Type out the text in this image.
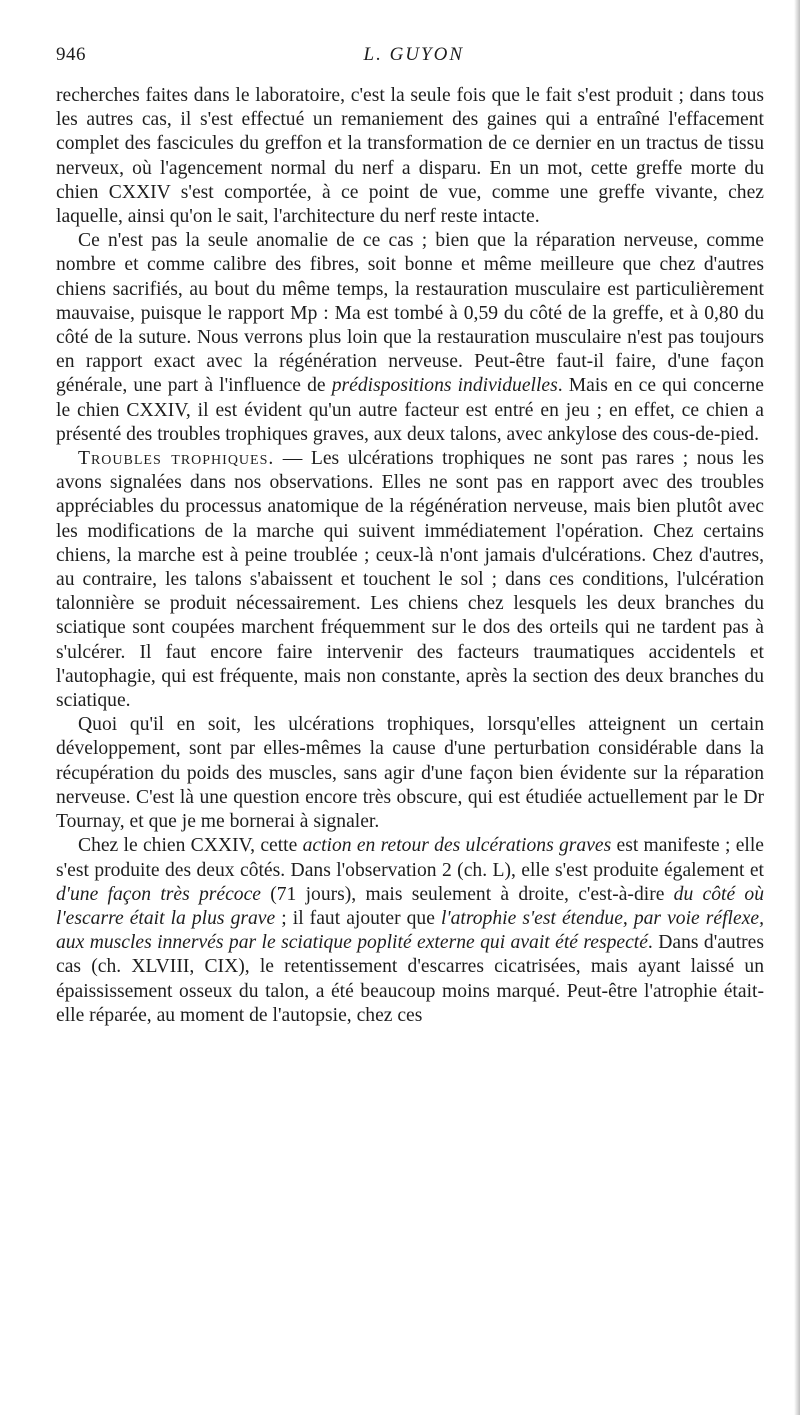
946	L. GUYON

recherches faites dans le laboratoire, c'est la seule fois que le fait s'est produit ; dans tous les autres cas, il s'est effectué un remaniement des gaines qui a entraîné l'effacement complet des fascicules du greffon et la transformation de ce dernier en un tractus de tissu nerveux, où l'agencement normal du nerf a disparu. En un mot, cette greffe morte du chien CXXIV s'est comportée, à ce point de vue, comme une greffe vivante, chez laquelle, ainsi qu'on le sait, l'architecture du nerf reste intacte.

Ce n'est pas la seule anomalie de ce cas ; bien que la réparation nerveuse, comme nombre et comme calibre des fibres, soit bonne et même meilleure que chez d'autres chiens sacrifiés, au bout du même temps, la restauration musculaire est particulièrement mauvaise, puisque le rapport Mp : Ma est tombé à 0,59 du côté de la greffe, et à 0,80 du côté de la suture. Nous verrons plus loin que la restauration musculaire n'est pas toujours en rapport exact avec la régénération nerveuse. Peut-être faut-il faire, d'une façon générale, une part à l'influence de prédispositions individuelles. Mais en ce qui concerne le chien CXXIV, il est évident qu'un autre facteur est entré en jeu ; en effet, ce chien a présenté des troubles trophiques graves, aux deux talons, avec ankylose des cous-de-pied.

Troubles trophiques. — Les ulcérations trophiques ne sont pas rares ; nous les avons signalées dans nos observations. Elles ne sont pas en rapport avec des troubles appréciables du processus anatomique de la régénération nerveuse, mais bien plutôt avec les modifications de la marche qui suivent immédiatement l'opération. Chez certains chiens, la marche est à peine troublée ; ceux-là n'ont jamais d'ulcérations. Chez d'autres, au contraire, les talons s'abaissent et touchent le sol ; dans ces conditions, l'ulcération talonnière se produit nécessairement. Les chiens chez lesquels les deux branches du sciatique sont coupées marchent fréquemment sur le dos des orteils qui ne tardent pas à s'ulcérer. Il faut encore faire intervenir des facteurs traumatiques accidentels et l'autophagie, qui est fréquente, mais non constante, après la section des deux branches du sciatique.

Quoi qu'il en soit, les ulcérations trophiques, lorsqu'elles atteignent un certain développement, sont par elles-mêmes la cause d'une perturbation considérable dans la récupération du poids des muscles, sans agir d'une façon bien évidente sur la réparation nerveuse. C'est là une question encore très obscure, qui est étudiée actuellement par le Dr Tournay, et que je me bornerai à signaler.

Chez le chien CXXIV, cette action en retour des ulcérations graves est manifeste ; elle s'est produite des deux côtés. Dans l'observation 2 (ch. L), elle s'est produite également et d'une façon très précoce (71 jours), mais seulement à droite, c'est-à-dire du côté où l'escarre était la plus grave ; il faut ajouter que l'atrophie s'est étendue, par voie réflexe, aux muscles innervés par le sciatique poplité externe qui avait été respecté. Dans d'autres cas (ch. XLVIII, CIX), le retentissement d'escarres cicatrisées, mais ayant laissé un épaississement osseux du talon, a été beaucoup moins marqué. Peut-être l'atrophie était-elle réparée, au moment de l'autopsie, chez ces
